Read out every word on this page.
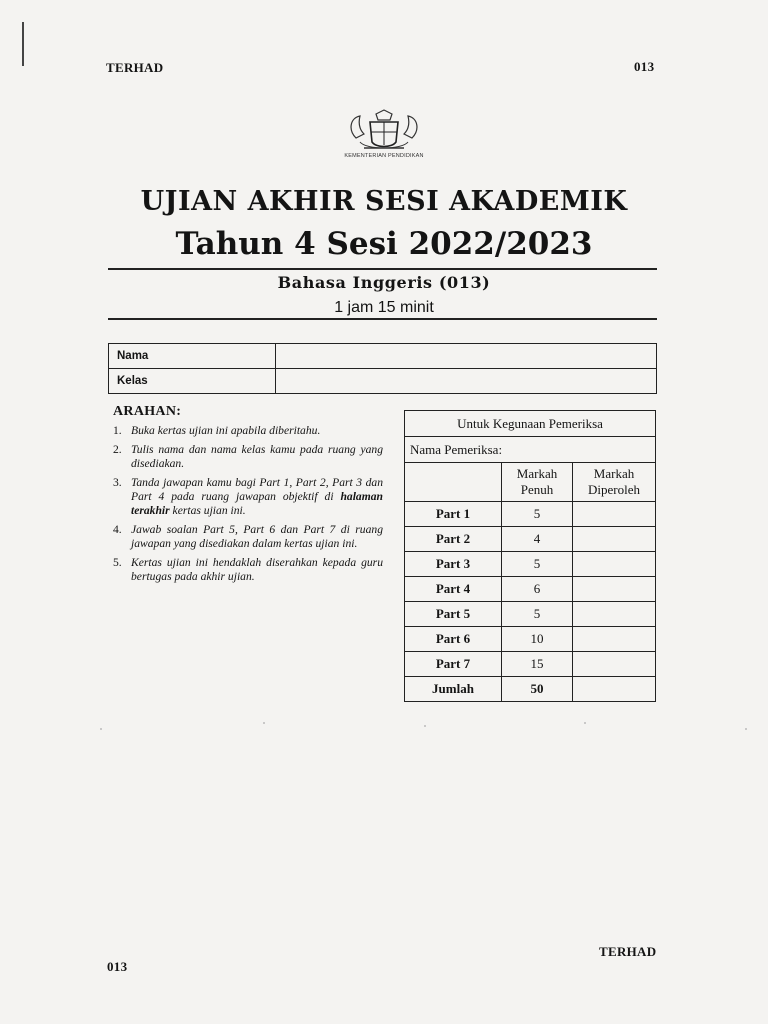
TERHAD	013
KEMENTERIAN PENDIDIKAN
UJIAN AKHIR SESI AKADEMIK
Tahun 4 Sesi 2022/2023
Bahasa Inggeris (013)
1 jam 15 minit
Nama	
Kelas	
ARAHAN:
1. Buka kertas ujian ini apabila diberitahu.
2. Tulis nama dan nama kelas kamu pada ruang yang disediakan.
3. Tanda jawapan kamu bagi Part 1, Part 2, Part 3 dan Part 4 pada ruang jawapan objektif di halaman terakhir kertas ujian ini.
4. Jawab soalan Part 5, Part 6 dan Part 7 di ruang jawapan yang disediakan dalam kertas ujian ini.
5. Kertas ujian ini hendaklah diserahkan kepada guru bertugas pada akhir ujian.
Untuk Kegunaan Pemeriksa		
Nama Pemeriksa:		
	Markah Penuh	Markah Diperoleh
Part 1	5	
Part 2	4	
Part 3	5	
Part 4	6	
Part 5	5	
Part 6	10	
Part 7	15	
Jumlah	50	
TERHAD
013
